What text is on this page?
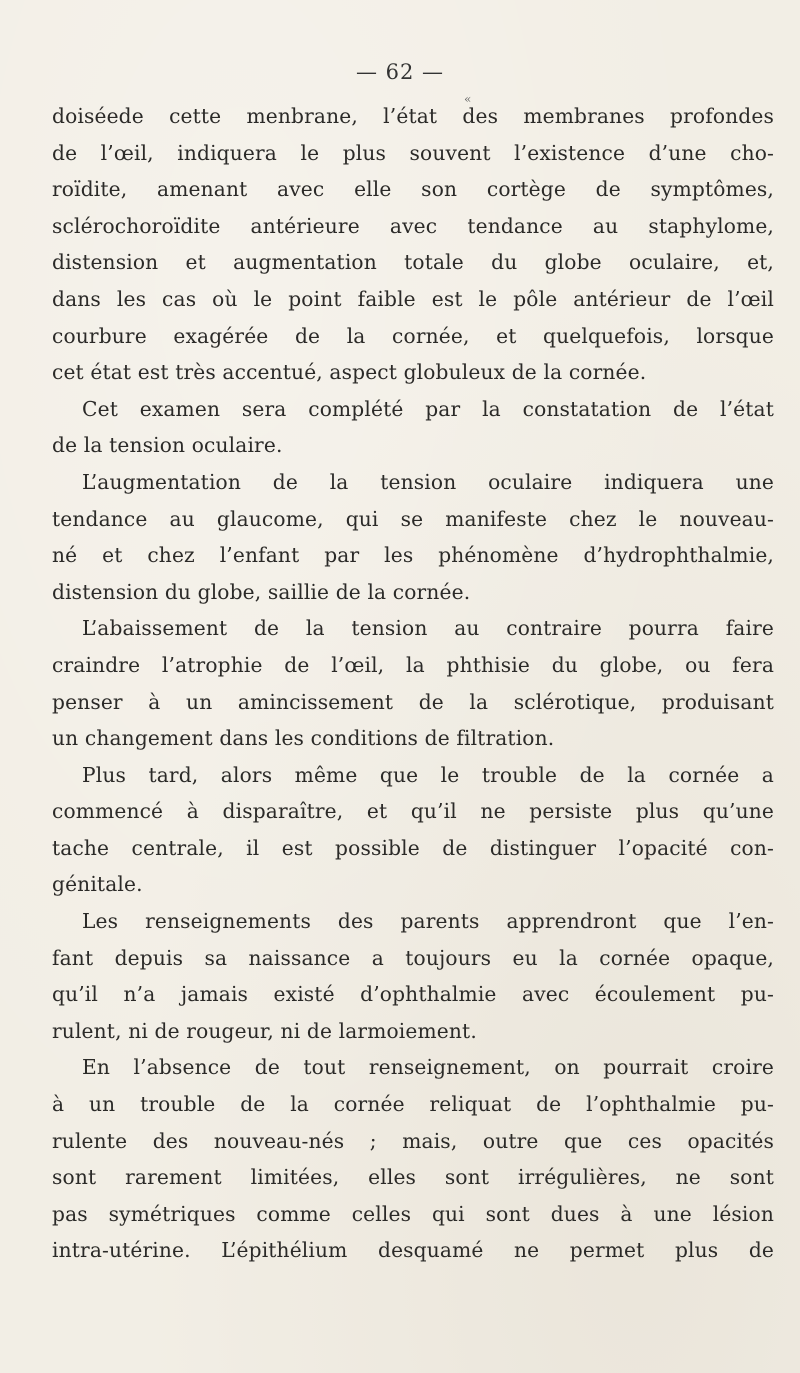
— 62 —
«
doiséede cette menbrane, l’état des membranes profondes
de l’œil, indiquera le plus souvent l’existence d’une cho-
roïdite, amenant avec elle son cortège de symptômes,
sclérochoroïdite antérieure avec tendance au staphylome,
distension et augmentation totale du globe oculaire, et,
dans les cas où le point faible est le pôle antérieur de l’œil
courbure exagérée de la cornée, et quelquefois, lorsque
cet état est très accentué, aspect globuleux de la cornée.
Cet examen sera complété par la constatation de l’état
de la tension oculaire.
L’augmentation de la tension oculaire indiquera une
tendance au glaucome, qui se manifeste chez le nouveau-
né et chez l’enfant par les phénomène d’hydrophthalmie,
distension du globe, saillie de la cornée.
L’abaissement de la tension au contraire pourra faire
craindre l’atrophie de l’œil, la phthisie du globe, ou fera
penser à un amincissement de la sclérotique, produisant
un changement dans les conditions de filtration.
Plus tard, alors même que le trouble de la cornée a
commencé à disparaître, et qu’il ne persiste plus qu’une
tache centrale, il est possible de distinguer l’opacité con-
génitale.
Les renseignements des parents apprendront que l’en-
fant depuis sa naissance a toujours eu la cornée opaque,
qu’il n’a jamais existé d’ophthalmie avec écoulement pu-
rulent, ni de rougeur, ni de larmoiement.
En l’absence de tout renseignement, on pourrait croire
à un trouble de la cornée reliquat de l’ophthalmie pu-
rulente des nouveau-nés ; mais, outre que ces opacités
sont rarement limitées, elles sont irrégulières, ne sont
pas symétriques comme celles qui sont dues à une lésion
intra-utérine. L’épithélium desquamé ne permet plus de
